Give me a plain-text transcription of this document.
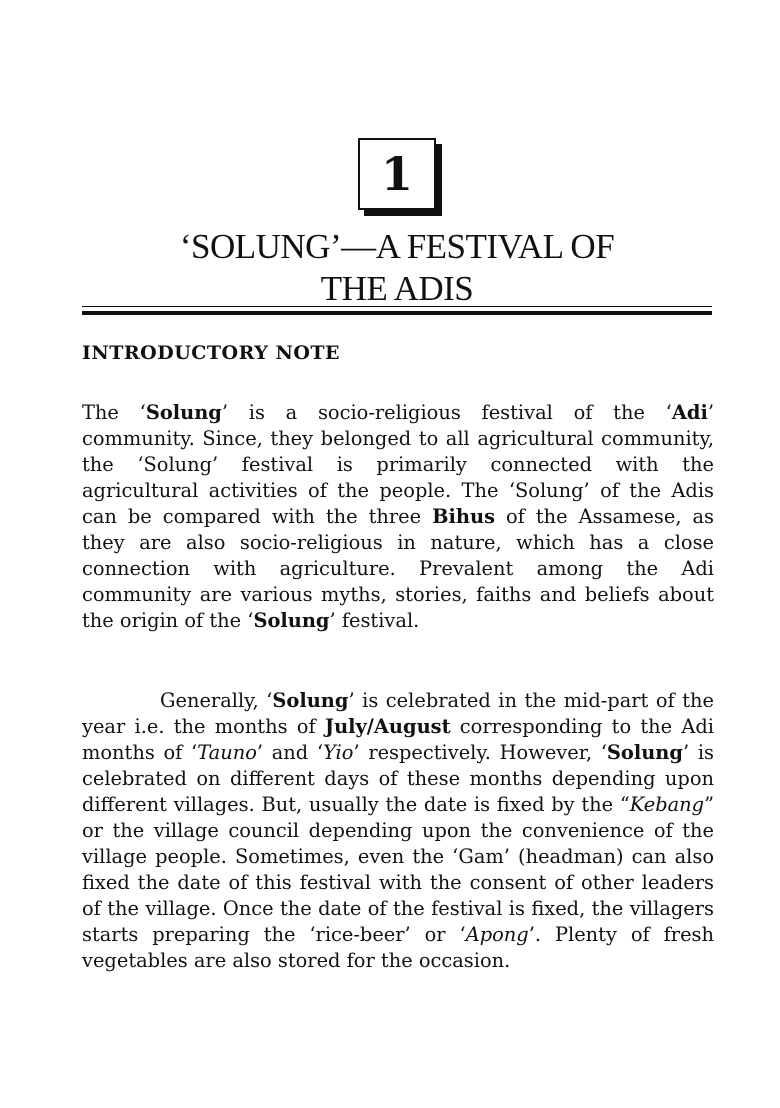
1
‘SOLUNG’—A FESTIVAL OF
THE ADIS
INTRODUCTORY NOTE

The ‘Solung’ is a socio-religious festival of the ‘Adi’ community. Since, they belonged to all agricultural community, the ‘Solung’ festival is primarily connected with the agricultural activities of the people. The ‘Solung’ of the Adis can be compared with the three Bihus of the Assamese, as they are also socio-religious in nature, which has a close connection with agriculture. Prevalent among the Adi community are various myths, stories, faiths and beliefs about the origin of the ‘Solung’ festival.

Generally, ‘Solung’ is celebrated in the mid-part of the year i.e. the months of July/August corresponding to the Adi months of ‘Tauno’ and ‘Yio’ respectively. However, ‘Solung’ is celebrated on different days of these months depending upon different villages. But, usually the date is fixed by the “Kebang” or the village council depending upon the convenience of the village people. Sometimes, even the ‘Gam’ (headman) can also fixed the date of this festival with the consent of other leaders of the village. Once the date of the festival is fixed, the villagers starts preparing the ‘rice-beer’ or ‘Apong’. Plenty of fresh vegetables are also stored for the occasion.
